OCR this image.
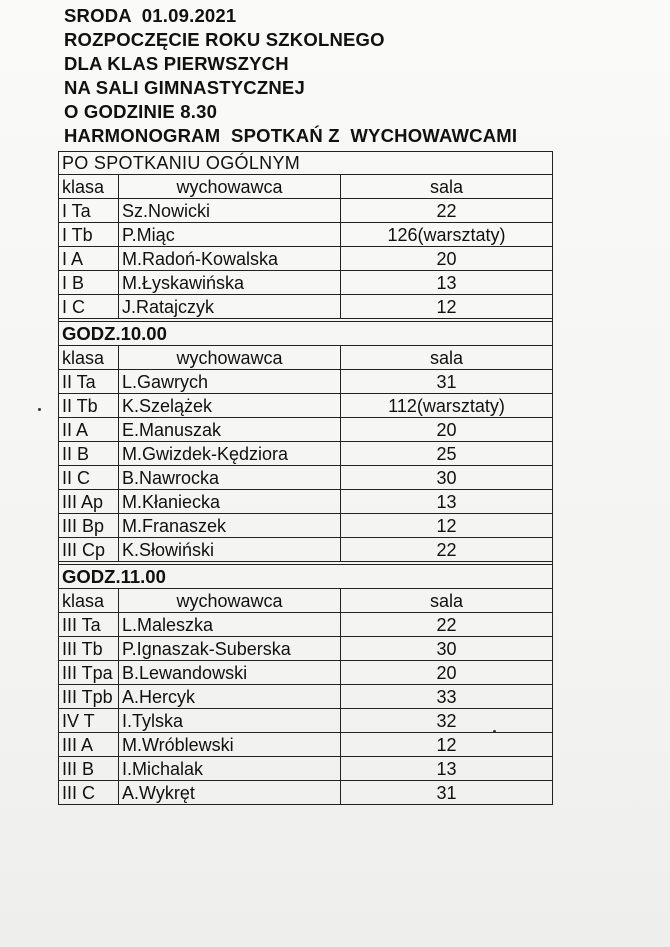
SRODA  01.09.2021
ROZPOCZĘCIE ROKU SZKOLNEGO
DLA KLAS PIERWSZYCH
NA SALI GIMNASTYCZNEJ
O GODZINIE 8.30
HARMONOGRAM  SPOTKAŃ Z  WYCHOWAWCAMI
PO SPOTKANIU OGÓLNYM		
klasa	wychowawca	sala
I Ta	Sz.Nowicki	22
I Tb	P.Miąc	126(warsztaty)
I A	M.Radoń-Kowalska	20
I B	M.Łyskawińska	13
I C	J.Ratajczyk	12

GODZ.10.00		
klasa	wychowawca	sala
II Ta	L.Gawrych	31
II Tb	K.Szelążek	112(warsztaty)
II A	E.Manuszak	20
II B	M.Gwizdek-Kędziora	25
II C	B.Nawrocka	30
III Ap	M.Kłaniecka	13
III Bp	M.Franaszek	12
III Cp	K.Słowiński	22

GODZ.11.00		
klasa	wychowawca	sala
III Ta	L.Maleszka	22
III Tb	P.Ignaszak-Suberska	30
III Tpa	B.Lewandowski	20
III Tpb	A.Hercyk	33
IV T	I.Tylska	32
III A	M.Wróblewski	12
III B	I.Michalak	13
III C	A.Wykręt	31
